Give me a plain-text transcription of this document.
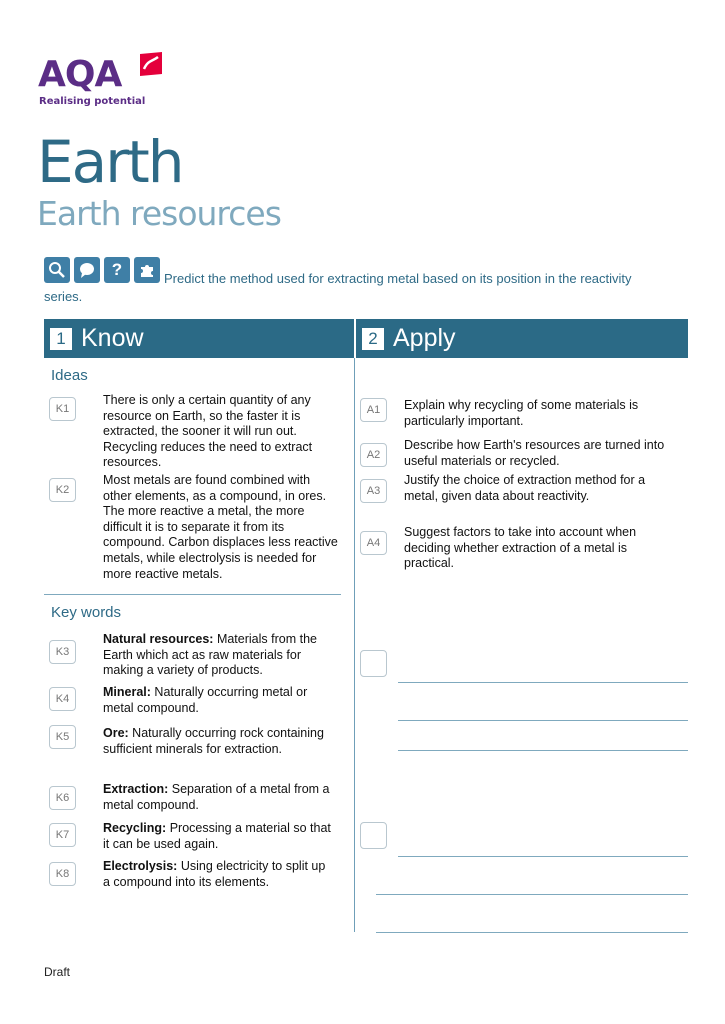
AQA
Realising potential
Earth
Earth resources
Predict the method used for extracting metal based on its position in the reactivity series.
?
1 Know	2 Apply
Ideas
K1
There is only a certain quantity of any resource on Earth, so the faster it is extracted, the sooner it will run out. Recycling reduces the need to extract resources.
K2
Most metals are found combined with other elements, as a compound, in ores. The more reactive a metal, the more difficult it is to separate it from its compound. Carbon displaces less reactive metals, while electrolysis is needed for more reactive metals.
Key words
K3
Natural resources: Materials from the Earth which act as raw materials for making a variety of products.
K4	Mineral: Naturally occurring metal or metal compound.
K5	Ore: Naturally occurring rock containing sufficient minerals for extraction.
K6
Extraction: Separation of a metal from a metal compound.
K7	Recycling: Processing a material so that it can be used again.
K8
Electrolysis: Using electricity to split up a compound into its elements.
A1	Explain why recycling of some materials is particularly important.
A2
Describe how Earth's resources are turned into useful materials or recycled.
A3
Justify the choice of extraction method for a metal, given data about reactivity.
A4
Suggest factors to take into account when deciding whether extraction of a metal is practical.
Draft
